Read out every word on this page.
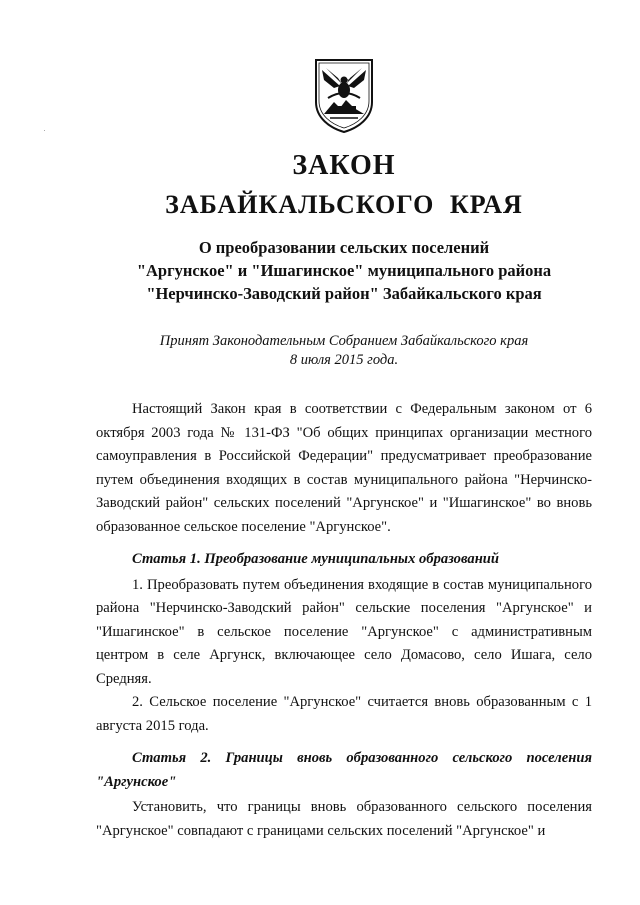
ЗАКОН
ЗАБАЙКАЛЬСКОГО КРАЯ
О преобразовании сельских поселений
"Аргунское" и "Ишагинское" муниципального района
"Нерчинско-Заводский район" Забайкальского края
Принят Законодательным Собранием Забайкальского края
8 июля 2015 года.

Настоящий Закон края в соответствии с Федеральным законом от 6 октября 2003 года № 131-ФЗ "Об общих принципах организации местного самоуправления в Российской Федерации" предусматривает преобразование путем объединения входящих в состав муниципального района "Нерчинско-Заводский район" сельских поселений "Аргунское" и "Ишагинское" во вновь образованное сельское поселение "Аргунское".

Статья 1. Преобразование муниципальных образований

1. Преобразовать путем объединения входящие в состав муниципального района "Нерчинско-Заводский район" сельские поселения "Аргунское" и "Ишагинское" в сельское поселение "Аргунское" с административным центром в селе Аргунск, включающее село Домасово, село Ишага, село Средняя.

2. Сельское поселение "Аргунское" считается вновь образованным с 1 августа 2015 года.

Статья 2. Границы вновь образованного сельского поселения "Аргунское"

Установить, что границы вновь образованного сельского поселения "Аргунское" совпадают с границами сельских поселений "Аргунское" и
